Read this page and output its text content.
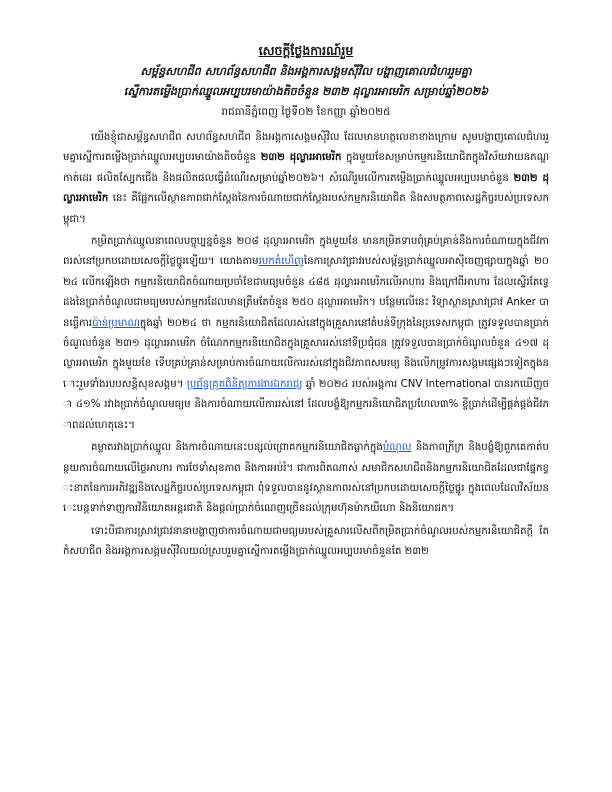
សេចក្តីថ្លែងការណ៍រួម
សម្ព័ន្ធសហជីព សហព័ន្ធសហជីព និងអង្គការសង្គមស៊ីវិល បង្ហាញគោលជំហររួមគ្នា
ស្នើការតម្លើងប្រាក់ឈ្នួលអប្បបរមាយ៉ាងតិចចំនួន ២៣២ ដុល្លារអាមេរិក សម្រាប់ឆ្នាំ២០២៦
រាជធានីភ្នំពេញ ថ្ងៃទី០២ ខែកញ្ញា ឆ្នាំ២០២៥

យើងខ្ញុំជាសម្ព័ន្ធសហជីព សហព័ន្ធសហជីព និងអង្គការសង្គមស៊ីវិល ដែលមានហត្ថលេខាខាងក្រោម សូមបង្ហាញគោលជំហររួមគ្នាស្នើការតម្លើងប្រាក់ឈ្នួលអប្បបរមាយ៉ាងតិចចំនួន ២៣២ ដុល្លារអាមេរិក ក្នុងមួយខែសម្រាប់កម្មករនិយោជិតក្នុងវិស័យវាយនភណ្ឌ កាត់ដេរ ផលិតស្បែកជើង និងផលិតផលធ្វើដំណើរសម្រាប់ឆ្នាំ២០២៦។ សំណើរួមលើការតម្លើងប្រាក់ឈ្នួលអប្បបរមាចំនួន ២៣២ ដុល្លារអាមេរិក នេះ គឺផ្អែកលើស្ថានភាពជាក់ស្តែងនៃការចំណាយជាក់ស្តែងរបស់កម្មករនិយោជិត និងសមត្ថភាពសេដ្ឋកិច្ចរបស់ប្រទេសកម្ពុជា។

កម្រិតប្រាក់ឈ្នួលនាពេលបច្ចុប្បន្នចំនួន ២០៨ ដុល្លារអាមេរិក ក្នុងមួយខែ មានកម្រិតទាបពុំគ្រប់គ្រាន់នឹងការចំណាយក្នុងជីវភាពរស់នៅប្រកបដោយសេចក្តីថ្លៃថ្នូរឡើយ។ យោងតាមរបកគំហើញនៃការស្រាវជ្រាវរបស់សម្ព័ន្ធប្រាក់ឈ្នួលអាស៊ីចេញផ្សាយក្នុងឆ្នាំ ២០២៤ លើកឡើងថា កម្មករនិយោជិតចំណាយប្រចាំខែជាមធ្យមចំនួន ៤៨៥ ដុល្លារអាមេរិកលើអាហារ និងក្រៅពីអាហារ ដែលស្ទើរតែទ្វេដងនៃប្រាក់ចំណូលជាមធ្យមរបស់កម្មករដែលមានត្រឹមតែចំនួន ២៥០ ដុល្លារអាមេរិក។ បន្ថែមលើនេះ វិទ្យាស្ថានស្រាវជ្រាវ Anker បានធ្វើការប៉ាន់ប្រមាណក្នុងឆ្នាំ ២០២៤ ថា កម្មករនិយោជិតដែលរស់នៅក្នុងគ្រួសារនៅតំបន់ទីក្រុងនៃប្រទេសកម្ពុជា ត្រូវទទួលបានប្រាក់ចំណូលចំនួន ២៣១ ដុល្លារអាមេរិក ចំណែកកម្មករនិយោជិតក្នុងគ្រួសាររស់នៅទីប្រជុំជន ត្រូវទទួលបានប្រាក់ចំណូលចំនួន ៤១៧ ដុល្លារអាមេរិក ក្នុងមួយខែ ទើបគ្រប់គ្រាន់សម្រាប់ការចំណាយលើការរស់នៅក្នុងជីវភាពសមរម្យ និងលើកម្រូវការសង្គមផ្សេងៗទៀតក្នុងនោះរួមទាំងរបបសន្តិសុខសង្គម។ ប្រព័ន្ធគ្រុតពិនិត្យការងារឯករាជ្យ ឆ្នាំ ២០២៤ របស់អង្គការ CNV International បានរកឃើញថា ៤១% រវាងប្រាក់ចំណូលមធ្យម និងការចំណាយលើការរស់នៅ ដែលបង្ខំឱ្យកម្មករនិយោជិតប្រហែល៣% ខ្ចីប្រាក់ដើម្បីផ្គត់ផ្គង់ជីវភាពដល់ហេតុនេះ។

គម្លាតរវាងប្រាក់ឈ្នួល និងការចំណាយនេះបន្សល់ព្រោគកម្មករនិយោជិតធ្លាក់ក្នុងបំណុល និងភាពក្រីក្រ និងបង្ខំឱ្យពួកគេកាត់បន្ថយការចំណាយលើថ្លៃអាហារ ការថែទាំសុខភាព និងការអប់រំ។ ជាការពិតណាស់ សមាជិកសហជីពនិងកម្មករនិយោជិតដែលជាផ្នែកខ្វះខាតនៃការអភិវឌ្ឍនិងសេដ្ឋកិច្ចរបស់ប្រទេសកម្ពុជា ពុំទទួលបាននូវស្ថានភាពរស់នៅប្រកបដោយសេចក្តីថ្លៃថ្នូរ ក្នុងពេលដែលវិស័យនេះបន្តទាក់ទាញការវិនិយោគអន្តរជាតិ និងផ្តល់ប្រាក់ចំណេញច្រើនដល់ក្រុមហ៊ុនម៉ាកយីហោ និងនិយោជក។

ទោះបីជាការស្រាវជ្រាវនានាបង្ហាញថាការចំណាយជាមធ្យមរបស់គ្រួសារលើសពីកម្រិតប្រាក់ចំណូលរបស់កម្មករនិយោជិតក្តី តែកំសហជីព និងអង្គការសង្គមស៊ីវិលយល់ស្របរួមគ្នាស្នើការតម្លើងប្រាក់ឈ្នួលអប្បបរមាចំនួនតែ ២៣២
